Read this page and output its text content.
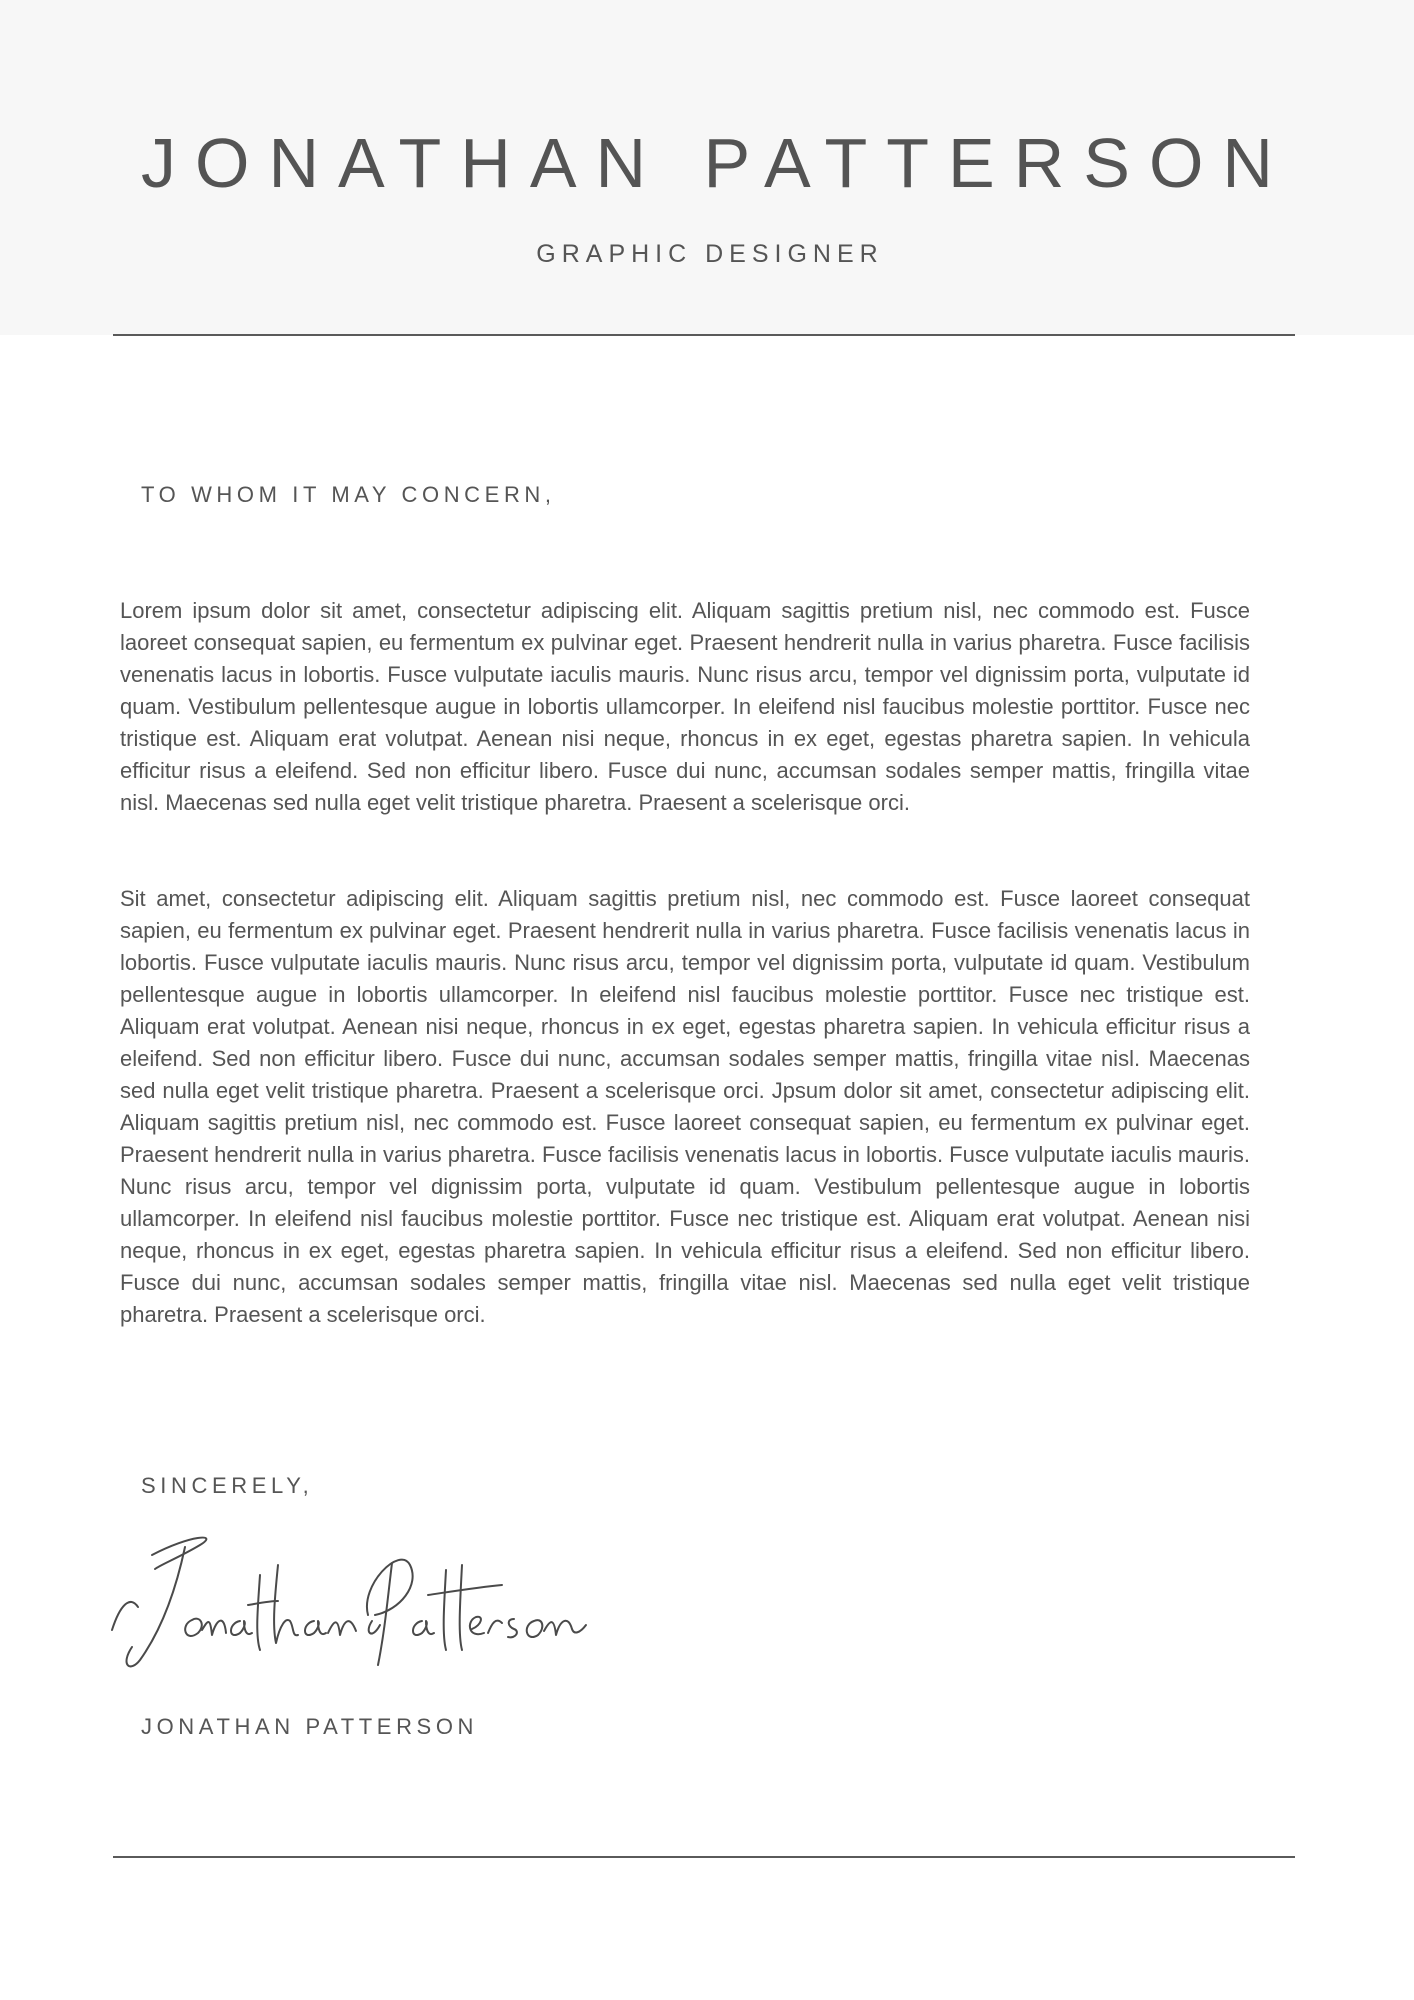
JONATHAN PATTERSON
GRAPHIC DESIGNER
TO WHOM IT MAY CONCERN,

Lorem ipsum dolor sit amet, consectetur adipiscing elit. Aliquam sagittis pretium nisl, nec commodo est. Fusce laoreet consequat sapien, eu fermentum ex pulvinar eget. Praesent hendrerit nulla in varius pharetra. Fusce facilisis venenatis lacus in lobortis. Fusce vulputate iaculis mauris. Nunc risus arcu, tempor vel dignissim porta, vulputate id quam. Vestibulum pellentesque augue in lobortis ullamcorper. In eleifend nisl faucibus molestie porttitor. Fusce nec tristique est. Aliquam erat volutpat. Aenean nisi neque, rhoncus in ex eget, egestas pharetra sapien. In vehicula efficitur risus a eleifend. Sed non efficitur libero. Fusce dui nunc, accumsan sodales semper mattis, fringilla vitae nisl. Maecenas sed nulla eget velit tristique pharetra. Praesent a scelerisque orci.

Sit amet, consectetur adipiscing elit. Aliquam sagittis pretium nisl, nec commodo est. Fusce laoreet consequat sapien, eu fermentum ex pulvinar eget. Praesent hendrerit nulla in varius pharetra. Fusce facilisis venenatis lacus in lobortis. Fusce vulputate iaculis mauris. Nunc risus arcu, tempor vel dignissim porta, vulputate id quam. Vestibulum pellentesque augue in lobortis ullamcorper. In eleifend nisl faucibus molestie porttitor. Fusce nec tristique est. Aliquam erat volutpat. Aenean nisi neque, rhoncus in ex eget, egestas pharetra sapien. In vehicula efficitur risus a eleifend. Sed non efficitur libero. Fusce dui nunc, accumsan sodales semper mattis, fringilla vitae nisl. Maecenas sed nulla eget velit tristique pharetra. Praesent a scelerisque orci. Jpsum dolor sit amet, consectetur adipiscing elit. Aliquam sagittis pretium nisl, nec commodo est. Fusce laoreet consequat sapien, eu fermentum ex pulvinar eget. Praesent hendrerit nulla in varius pharetra. Fusce facilisis venenatis lacus in lobortis. Fusce vulputate iaculis mauris. Nunc risus arcu, tempor vel dignissim porta, vulputate id quam. Vestibulum pellentesque augue in lobortis ullamcorper. In eleifend nisl faucibus molestie porttitor. Fusce nec tristique est. Aliquam erat volutpat. Aenean nisi neque, rhoncus in ex eget, egestas pharetra sapien. In vehicula efficitur risus a eleifend. Sed non efficitur libero. Fusce dui nunc, accumsan sodales semper mattis, fringilla vitae nisl. Maecenas sed nulla eget velit tristique pharetra. Praesent a scelerisque orci.

SINCERELY,
JONATHAN PATTERSON
